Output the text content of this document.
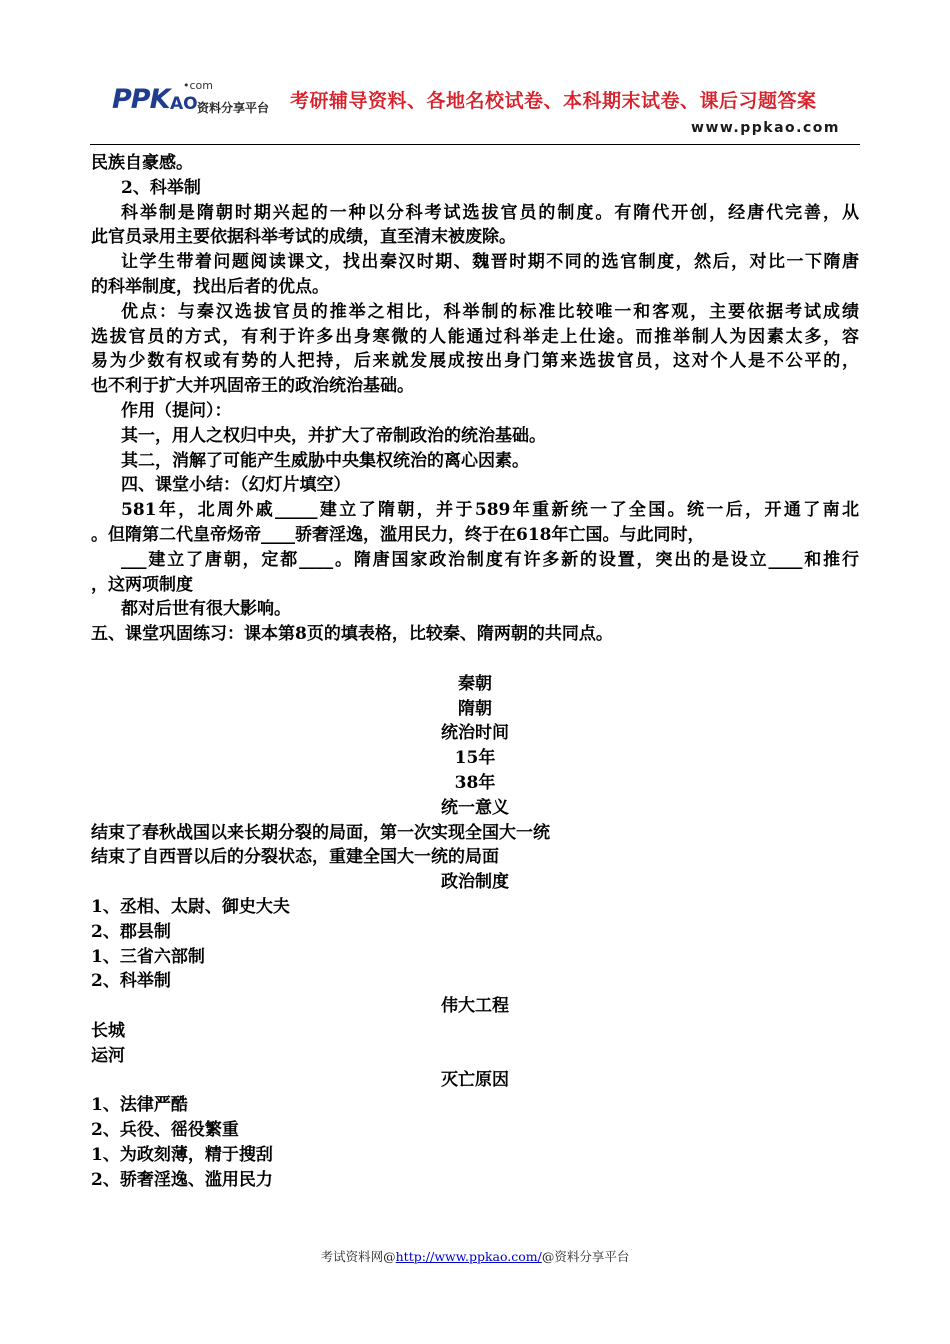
PPK AO
•com
资料分享平台 考研辅导资料、各地名校试卷、本科期末试卷、课后习题答案
www.ppkao.com
民族自豪感。
2、科举制
科举制是隋朝时期兴起的一种以分科考试选拔官员的制度。有隋代开创，经唐代完善，从
此官员录用主要依据科举考试的成绩，直至清末被废除。
让学生带着问题阅读课文，找出秦汉时期、魏晋时期不同的选官制度，然后，对比一下隋唐
的科举制度，找出后者的优点。
优点：与秦汉选拔官员的推举之相比，科举制的标准比较唯一和客观，主要依据考试成绩
选拔官员的方式，有利于许多出身寒微的人能通过科举走上仕途。而推举制人为因素太多，容
易为少数有权或有势的人把持，后来就发展成按出身门第来选拔官员，这对个人是不公平的，
也不利于扩大并巩固帝王的政治统治基础。
作用（提问）：
其一，用人之权归中央，并扩大了帝制政治的统治基础。
其二，消解了可能产生威胁中央集权统治的离心因素。
四、课堂小结：（幻灯片填空）
581年，北周外戚_____建立了隋朝，并于589年重新统一了全国。统一后，开通了南北
。但隋第二代皇帝炀帝____骄奢淫逸，滥用民力，终于在618年亡国。与此同时，
___建立了唐朝，定都____。隋唐国家政治制度有许多新的设置，突出的是设立____和推行
，这两项制度
都对后世有很大影响。
五、课堂巩固练习：课本第8页的填表格，比较秦、隋两朝的共同点。
秦朝
隋朝
统治时间
15年
38年
统一意义
结束了春秋战国以来长期分裂的局面，第一次实现全国大一统
结束了自西晋以后的分裂状态，重建全国大一统的局面
政治制度
1、丞相、太尉、御史大夫
2、郡县制
1、三省六部制
2、科举制
伟大工程
长城
运河
灭亡原因
1、法律严酷
2、兵役、徭役繁重
1、为政刻薄，精于搜刮
2、骄奢淫逸、滥用民力
考试资料网@http://www.ppkao.com/@资料分享平台
